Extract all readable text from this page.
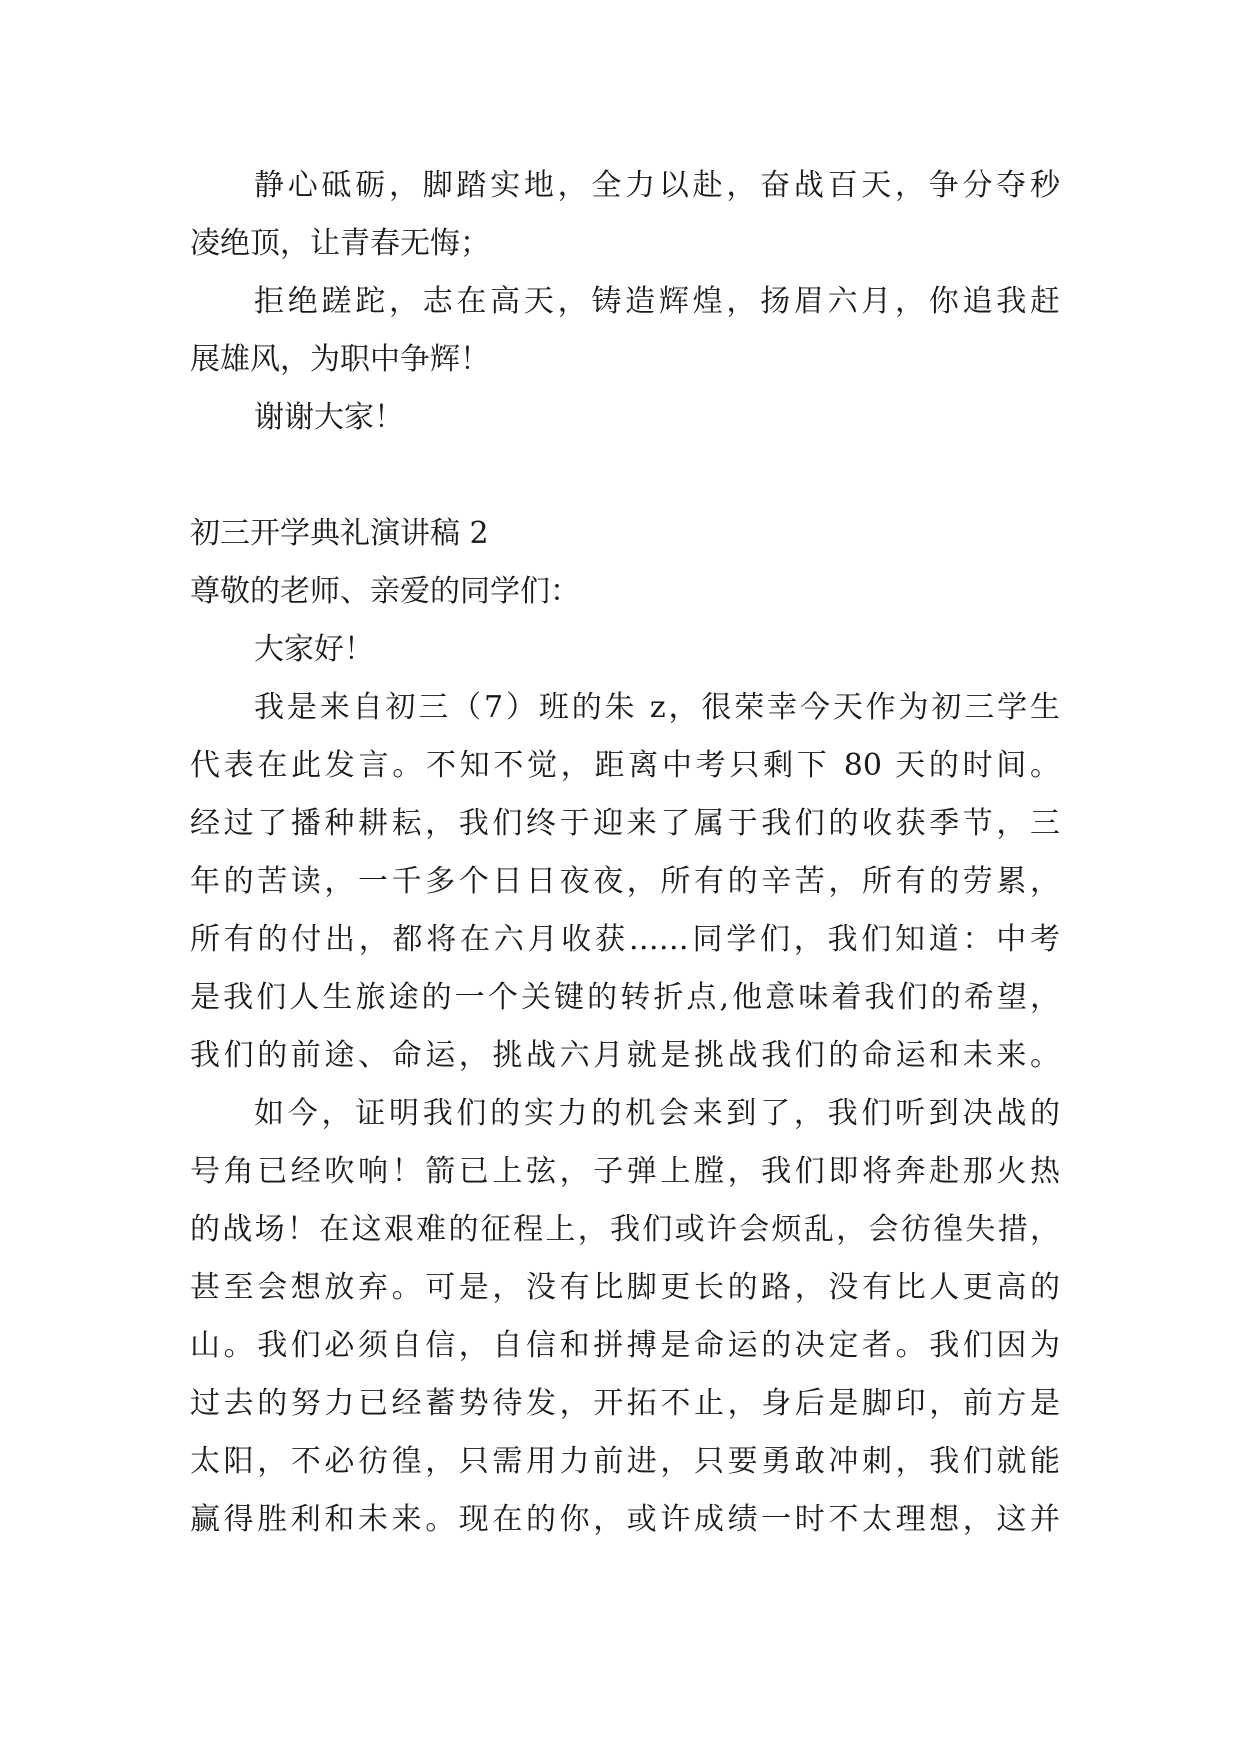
静心砥砺，脚踏实地，全力以赴，奋战百天，争分夺秒
凌绝顶，让青春无悔；
拒绝蹉跎，志在高天，铸造辉煌，扬眉六月，你追我赶
展雄风，为职中争辉！
谢谢大家！
初三开学典礼演讲稿 2
尊敬的老师、亲爱的同学们：
大家好！
我是来自初三（7）班的朱 z，很荣幸今天作为初三学生
代表在此发言。不知不觉，距离中考只剩下 80 天的时间。
经过了播种耕耘，我们终于迎来了属于我们的收获季节，三
年的苦读，一千多个日日夜夜，所有的辛苦，所有的劳累，
所有的付出，都将在六月收获……同学们，我们知道：中考
是我们人生旅途的一个关键的转折点,他意味着我们的希望，
我们的前途、命运，挑战六月就是挑战我们的命运和未来。
如今，证明我们的实力的机会来到了，我们听到决战的
号角已经吹响！箭已上弦，子弹上膛，我们即将奔赴那火热
的战场！在这艰难的征程上，我们或许会烦乱，会彷徨失措，
甚至会想放弃。可是，没有比脚更长的路，没有比人更高的
山。我们必须自信，自信和拼搏是命运的决定者。我们因为
过去的努力已经蓄势待发，开拓不止，身后是脚印，前方是
太阳，不必彷徨，只需用力前进，只要勇敢冲刺，我们就能
赢得胜利和未来。现在的你，或许成绩一时不太理想，这并
